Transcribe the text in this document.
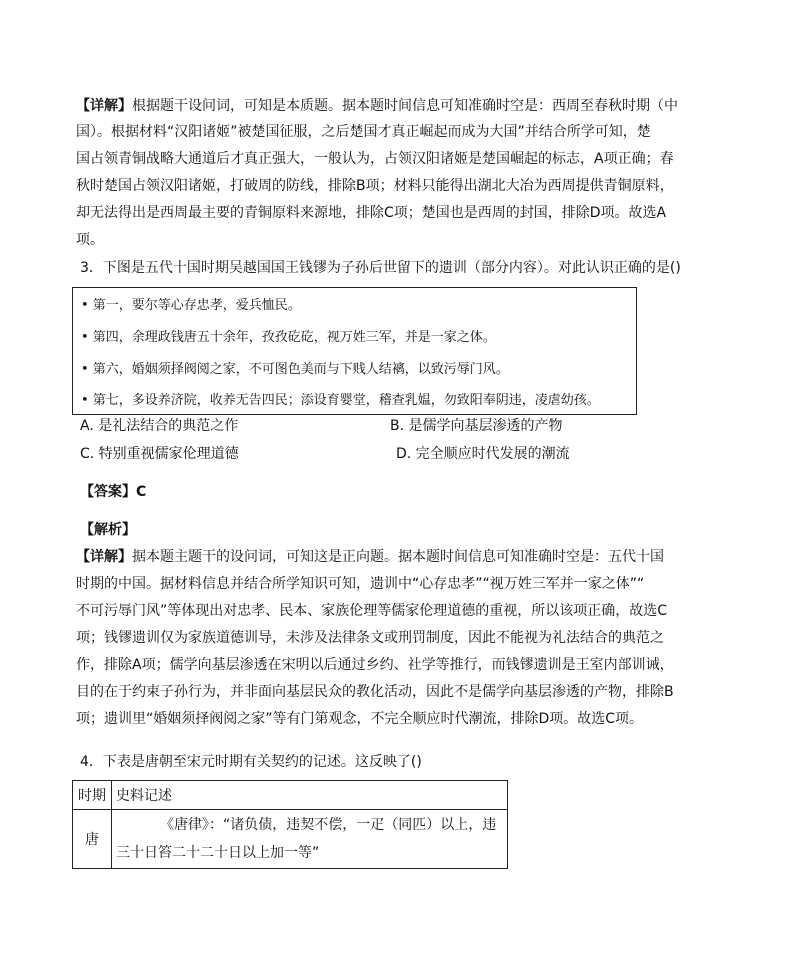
【详解】根据题干设问词，可知是本质题。据本题时间信息可知准确时空是：西周至春秋时期（中
国）。根据材料“汉阳诸姬”被楚国征服，之后楚国才真正崛起而成为大国”并结合所学可知，楚
国占领青铜战略大通道后才真正强大，一般认为，占领汉阳诸姬是楚国崛起的标志，A项正确；春
秋时楚国占领汉阳诸姬，打破周的防线，排除B项；材料只能得出湖北大冶为西周提供青铜原料，
却无法得出是西周最主要的青铜原料来源地，排除C项；楚国也是西周的封国，排除D项。故选A
项。
3．下图是五代十国时期吴越国国王钱镠为子孙后世留下的遗训（部分内容）。对此认识正确的是()
• 第一，要尔等心存忠孝，爱兵恤民。
• 第四，余理政钱唐五十余年，孜孜矻矻，视万姓三军，并是一家之体。
• 第六，婚姻须择阀阅之家，不可图色美而与下贱人结褵，以致污辱门风。
• 第七，多设养济院，收养无告四民；添设育婴堂，稽查乳媪，勿致阳奉阴违，凌虐幼孩。
A. 是礼法结合的典范之作	B. 是儒学向基层渗透的产物
C. 特别重视儒家伦理道德	D. 完全顺应时代发展的潮流
【答案】C
【解析】
【详解】据本题主题干的设问词，可知这是正向题。据本题时间信息可知准确时空是：五代十国
时期的中国。据材料信息并结合所学知识可知，遗训中“心存忠孝”“视万姓三军并一家之体”“
不可污辱门风”等体现出对忠孝、民本、家族伦理等儒家伦理道德的重视，所以该项正确，故选C
项；钱镠遗训仅为家族道德训导，未涉及法律条文或刑罚制度，因此不能视为礼法结合的典范之
作，排除A项；儒学向基层渗透在宋明以后通过乡约、社学等推行，而钱镠遗训是王室内部训诫，
目的在于约束子孙行为，并非面向基层民众的教化活动，因此不是儒学向基层渗透的产物，排除B
项；遗训里“婚姻须择阀阅之家”等有门第观念，不完全顺应时代潮流，排除D项。故选C项。
4．下表是唐朝至宋元时期有关契约的记述。这反映了()
时期	史料记述
唐	《唐律》：“诸负债，违契不偿，一疋（同匹）以上，违
三十日笞二十二十日以上加一等”
